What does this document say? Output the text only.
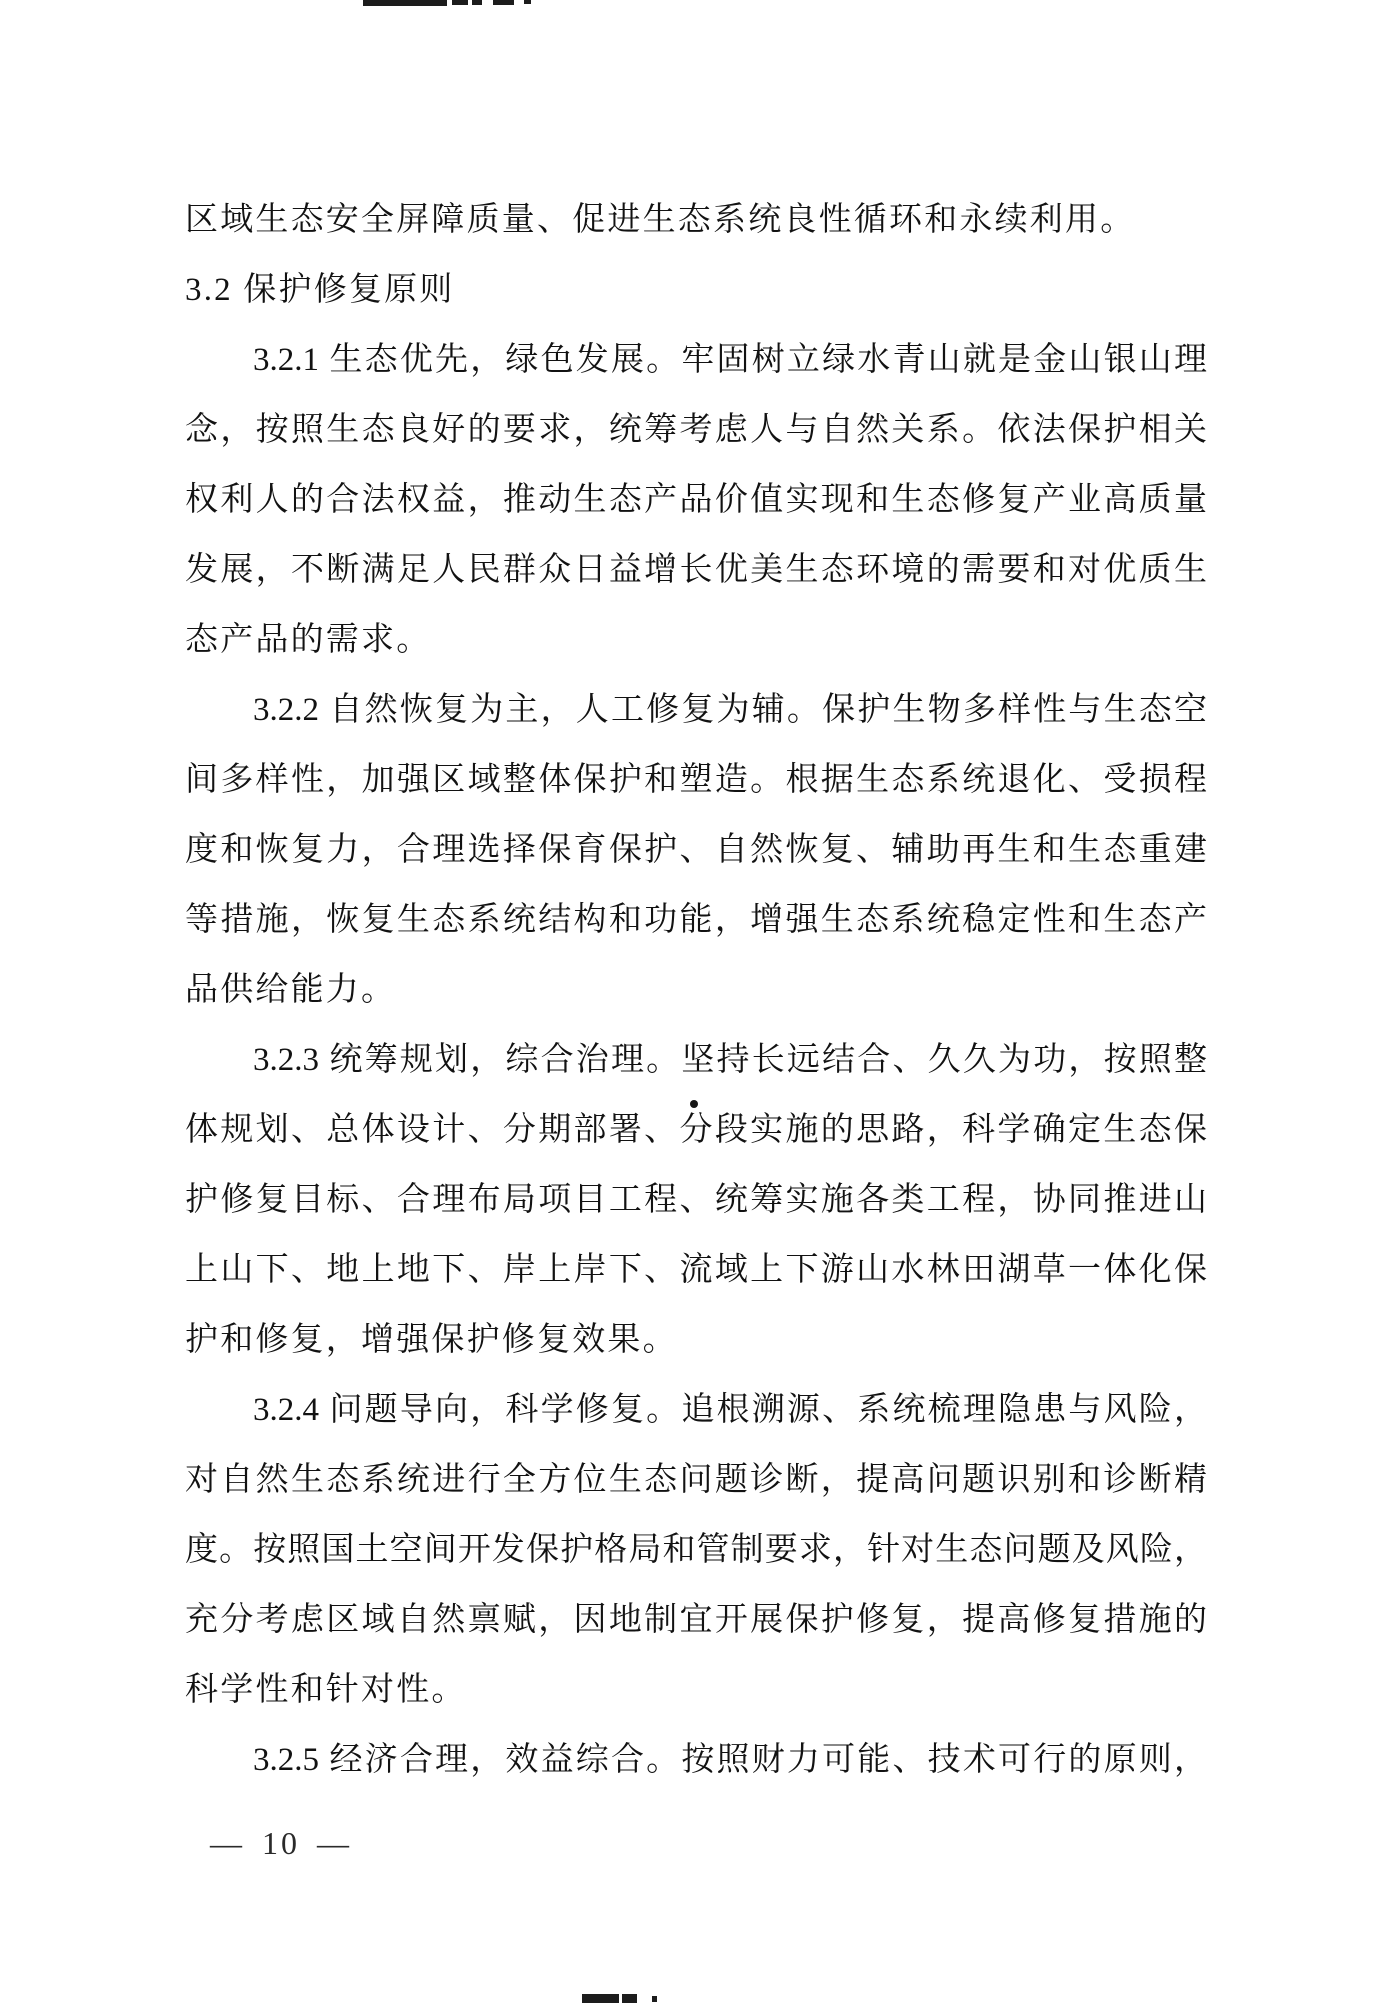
区域生态安全屏障质量、促进生态系统良性循环和永续利用。
3.2 保护修复原则
3.2.1 生态优先，绿色发展。牢固树立绿水青山就是金山银山理
念，按照生态良好的要求，统筹考虑人与自然关系。依法保护相关
权利人的合法权益，推动生态产品价值实现和生态修复产业高质量
发展，不断满足人民群众日益增长优美生态环境的需要和对优质生
态产品的需求。
3.2.2 自然恢复为主，人工修复为辅。保护生物多样性与生态空
间多样性，加强区域整体保护和塑造。根据生态系统退化、受损程
度和恢复力，合理选择保育保护、自然恢复、辅助再生和生态重建
等措施，恢复生态系统结构和功能，增强生态系统稳定性和生态产
品供给能力。
3.2.3 统筹规划，综合治理。坚持长远结合、久久为功，按照整
体规划、总体设计、分期部署、分段实施的思路，科学确定生态保
护修复目标、合理布局项目工程、统筹实施各类工程，协同推进山
上山下、地上地下、岸上岸下、流域上下游山水林田湖草一体化保
护和修复，增强保护修复效果。
3.2.4 问题导向，科学修复。追根溯源、系统梳理隐患与风险，
对自然生态系统进行全方位生态问题诊断，提高问题识别和诊断精
度。按照国土空间开发保护格局和管制要求，针对生态问题及风险，
充分考虑区域自然禀赋，因地制宜开展保护修复，提高修复措施的
科学性和针对性。
3.2.5 经济合理，效益综合。按照财力可能、技术可行的原则，
— 10 —
